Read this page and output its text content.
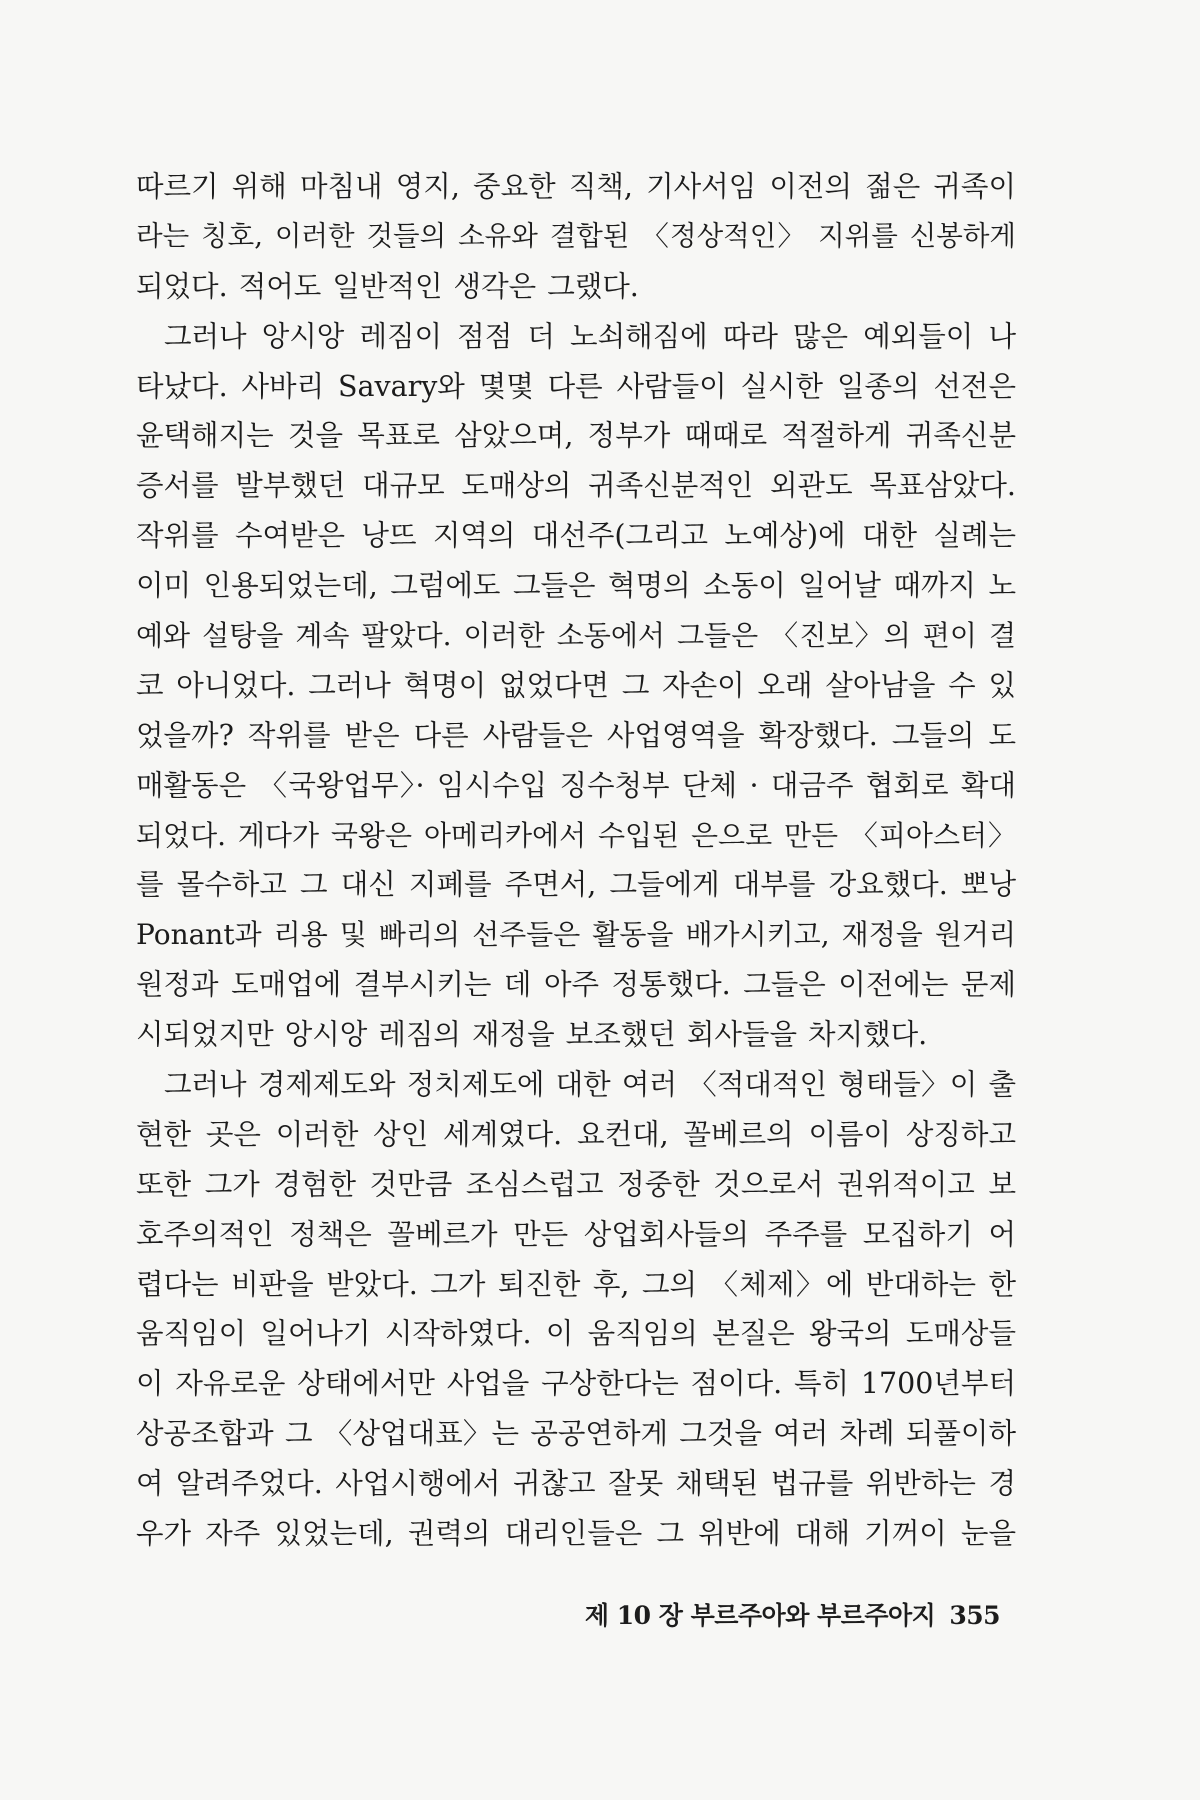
따르기 위해 마침내 영지, 중요한 직책, 기사서임 이전의 젊은 귀족이
라는 칭호, 이러한 것들의 소유와 결합된 〈정상적인〉 지위를 신봉하게
되었다. 적어도 일반적인 생각은 그랬다.
그러나 앙시앙 레짐이 점점 더 노쇠해짐에 따라 많은 예외들이 나
타났다. 사바리 Savary와 몇몇 다른 사람들이 실시한 일종의 선전은
윤택해지는 것을 목표로 삼았으며, 정부가 때때로 적절하게 귀족신분
증서를 발부했던 대규모 도매상의 귀족신분적인 외관도 목표삼았다.
작위를 수여받은 낭뜨 지역의 대선주(그리고 노예상)에 대한 실례는
이미 인용되었는데, 그럼에도 그들은 혁명의 소동이 일어날 때까지 노
예와 설탕을 계속 팔았다. 이러한 소동에서 그들은 〈진보〉의 편이 결
코 아니었다. 그러나 혁명이 없었다면 그 자손이 오래 살아남을 수 있
었을까? 작위를 받은 다른 사람들은 사업영역을 확장했다. 그들의 도
매활동은 〈국왕업무〉· 임시수입 징수청부 단체 · 대금주 협회로 확대
되었다. 게다가 국왕은 아메리카에서 수입된 은으로 만든 〈피아스터〉
를 몰수하고 그 대신 지폐를 주면서, 그들에게 대부를 강요했다. 뽀낭
Ponant과 리용 및 빠리의 선주들은 활동을 배가시키고, 재정을 원거리
원정과 도매업에 결부시키는 데 아주 정통했다. 그들은 이전에는 문제
시되었지만 앙시앙 레짐의 재정을 보조했던 회사들을 차지했다.
그러나 경제제도와 정치제도에 대한 여러 〈적대적인 형태들〉이 출
현한 곳은 이러한 상인 세계였다. 요컨대, 꼴베르의 이름이 상징하고
또한 그가 경험한 것만큼 조심스럽고 정중한 것으로서 권위적이고 보
호주의적인 정책은 꼴베르가 만든 상업회사들의 주주를 모집하기 어
렵다는 비판을 받았다. 그가 퇴진한 후, 그의 〈체제〉에 반대하는 한
움직임이 일어나기 시작하였다. 이 움직임의 본질은 왕국의 도매상들
이 자유로운 상태에서만 사업을 구상한다는 점이다. 특히 1700년부터
상공조합과 그 〈상업대표〉는 공공연하게 그것을 여러 차례 되풀이하
여 알려주었다. 사업시행에서 귀찮고 잘못 채택된 법규를 위반하는 경
우가 자주 있었는데, 권력의 대리인들은 그 위반에 대해 기꺼이 눈을
제 10 장 부르주아와 부르주아지 355
